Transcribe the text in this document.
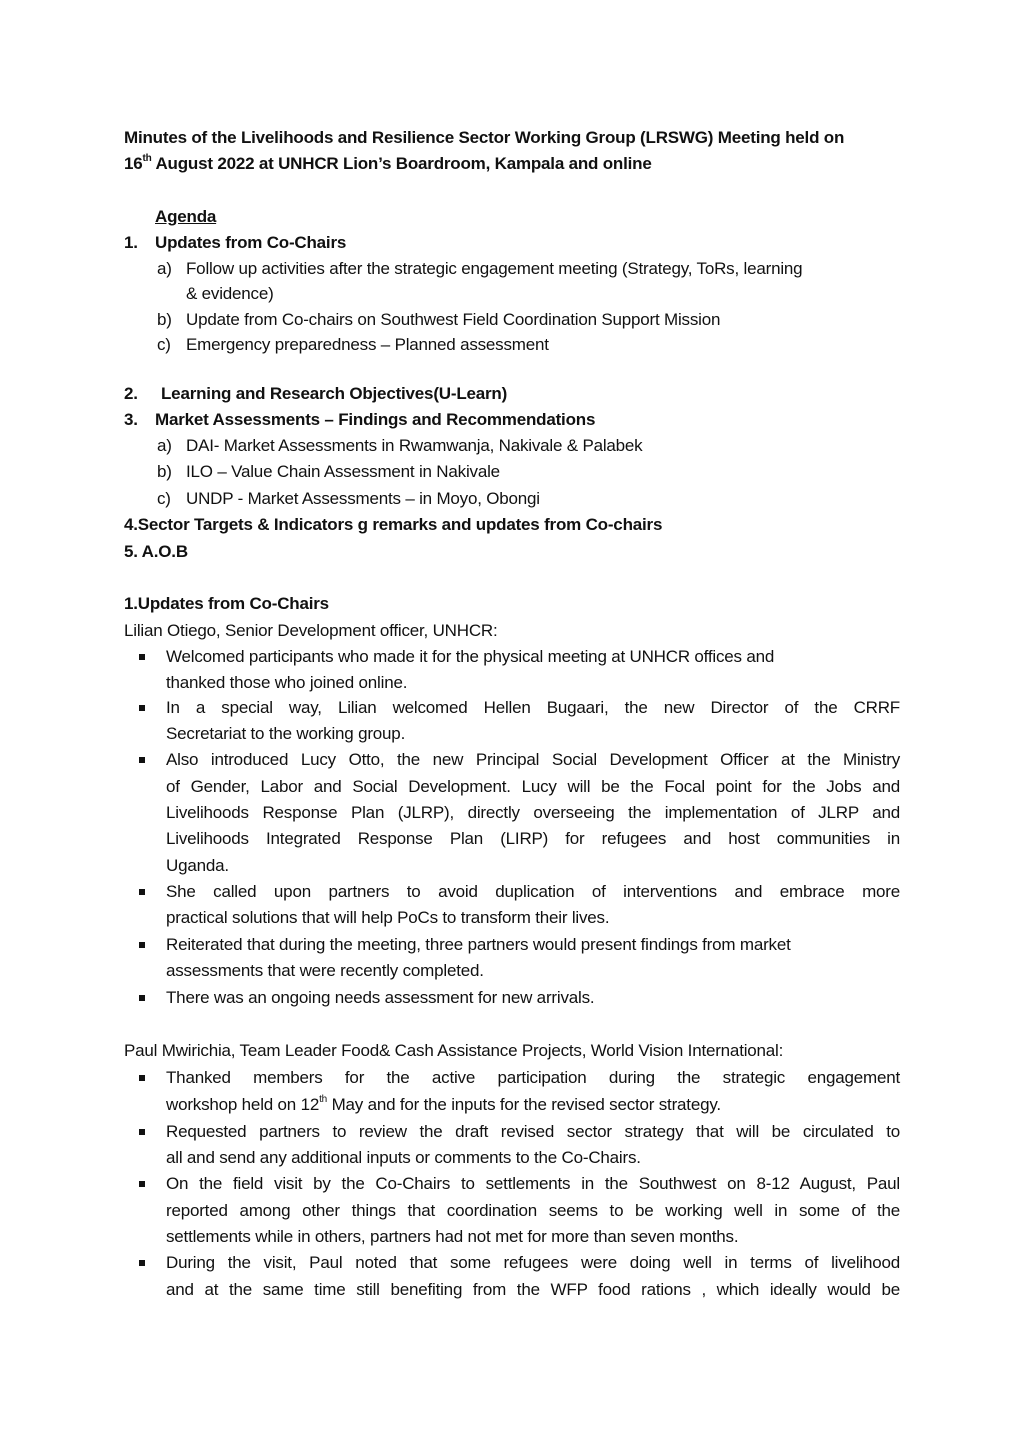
Minutes of the Livelihoods and Resilience Sector Working Group (LRSWG) Meeting held on
16th August 2022 at UNHCR Lion’s Boardroom, Kampala and online
Agenda
1. Updates from Co-Chairs
a) Follow up activities after the strategic engagement meeting (Strategy, ToRs, learning
& evidence)
b) Update from Co-chairs on Southwest Field Coordination Support Mission
c) Emergency preparedness – Planned assessment
2. Learning and Research Objectives(U-Learn)
3. Market Assessments – Findings and Recommendations
a) DAI- Market Assessments in Rwamwanja, Nakivale & Palabek
b) ILO – Value Chain Assessment in Nakivale
c) UNDP - Market Assessments – in Moyo, Obongi
4.Sector Targets & Indicators g remarks and updates from Co-chairs
5. A.O.B
1.Updates from Co-Chairs
Lilian Otiego, Senior Development officer, UNHCR:
Welcomed participants who made it for the physical meeting at UNHCR offices and
thanked those who joined online.
In a special way, Lilian welcomed Hellen Bugaari, the new Director of the CRRF
Secretariat to the working group.
Also introduced Lucy Otto, the new Principal Social Development Officer at the Ministry
of Gender, Labor and Social Development. Lucy will be the Focal point for the Jobs and
Livelihoods Response Plan (JLRP), directly overseeing the implementation of JLRP and
Livelihoods Integrated Response Plan (LIRP) for refugees and host communities in
Uganda.
She called upon partners to avoid duplication of interventions and embrace more
practical solutions that will help PoCs to transform their lives.
Reiterated that during the meeting, three partners would present findings from market
assessments that were recently completed.
There was an ongoing needs assessment for new arrivals.
Paul Mwirichia, Team Leader Food& Cash Assistance Projects, World Vision International:
Thanked members for the active participation during the strategic engagement
workshop held on 12th May and for the inputs for the revised sector strategy.
Requested partners to review the draft revised sector strategy that will be circulated to
all and send any additional inputs or comments to the Co-Chairs.
On the field visit by the Co-Chairs to settlements in the Southwest on 8-12 August, Paul
reported among other things that coordination seems to be working well in some of the
settlements while in others, partners had not met for more than seven months.
During the visit, Paul noted that some refugees were doing well in terms of livelihood
and at the same time still benefiting from the WFP food rations , which ideally would be
